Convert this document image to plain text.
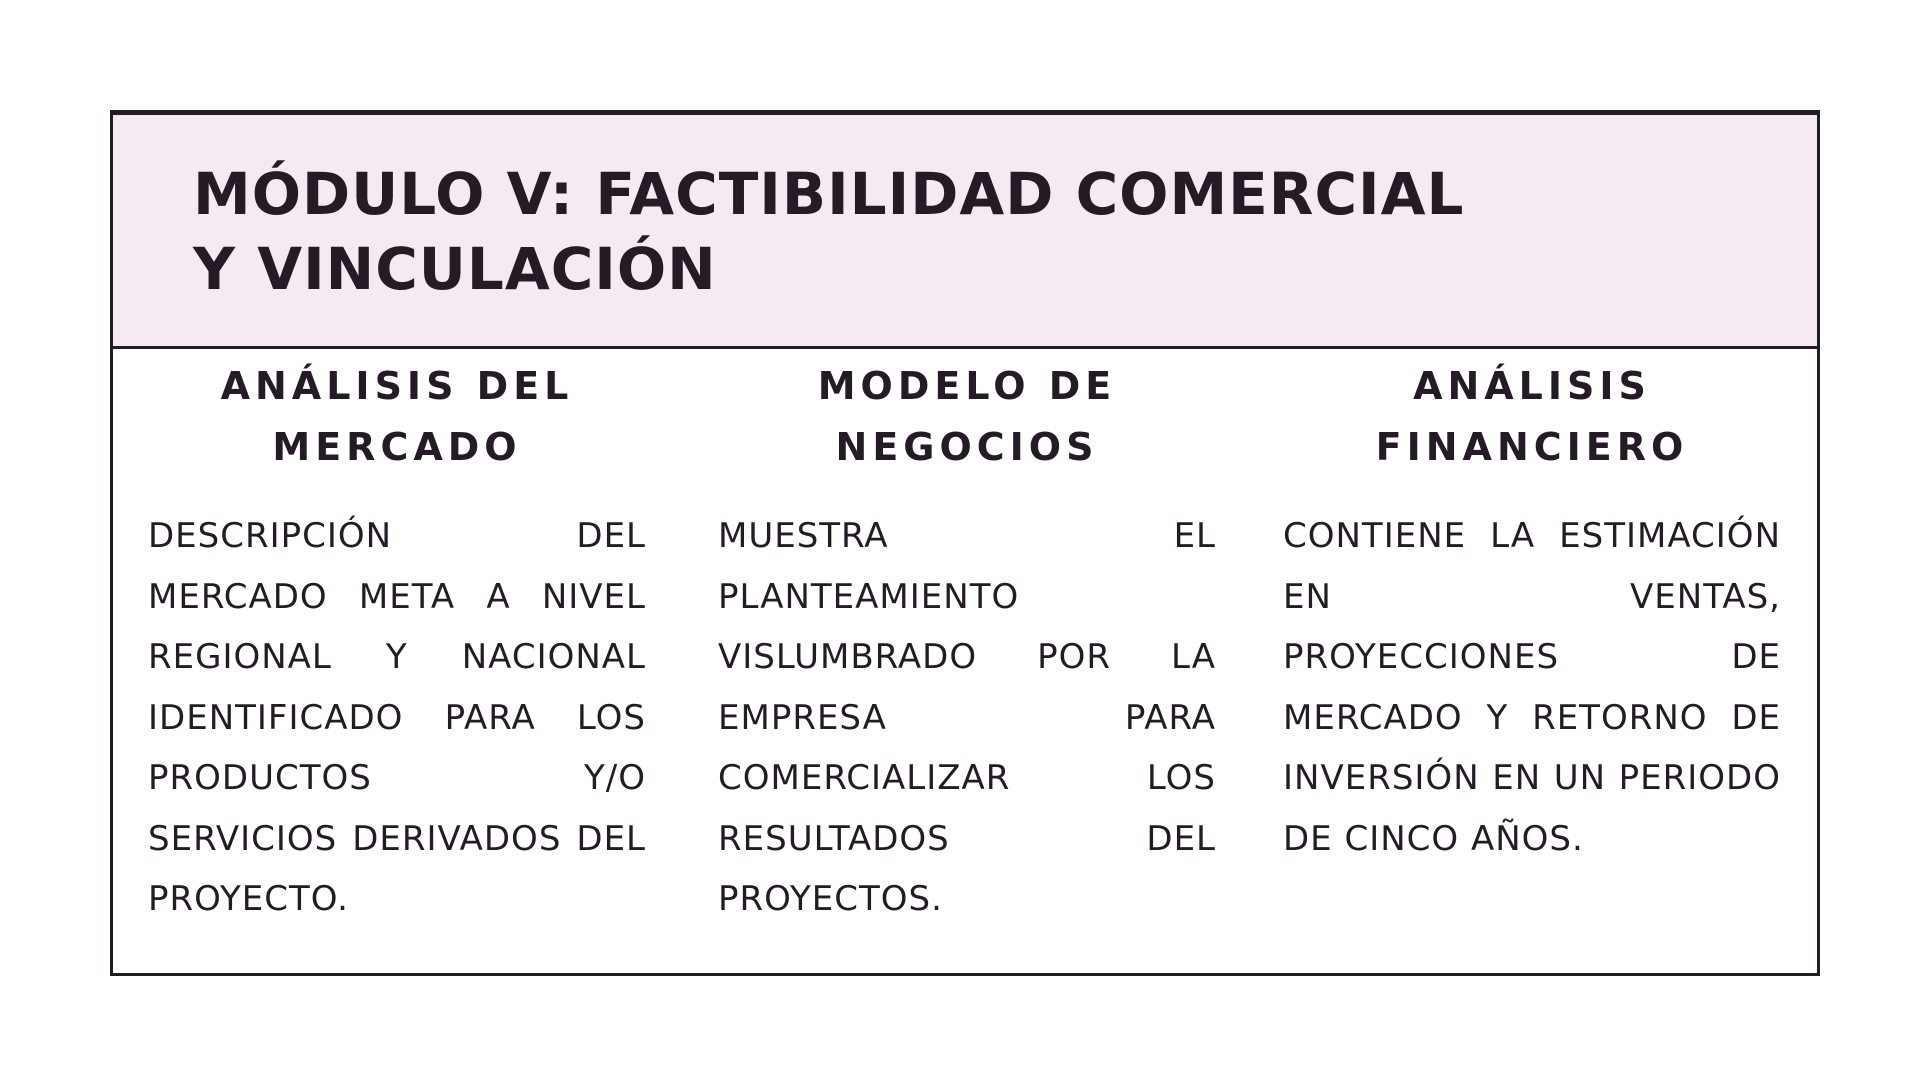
MÓDULO V: FACTIBILIDAD COMERCIAL Y VINCULACIÓN
ANÁLISIS DEL MERCADO

DESCRIPCIÓN DEL MERCADO META A NIVEL REGIONAL Y NACIONAL IDENTIFICADO PARA LOS PRODUCTOS Y/O SERVICIOS DERIVADOS DEL PROYECTO.

MODELO DE NEGOCIOS

MUESTRA EL PLANTEAMIENTO VISLUMBRADO POR LA EMPRESA PARA COMERCIALIZAR LOS RESULTADOS DEL PROYECTOS.

ANÁLISIS FINANCIERO

CONTIENE LA ESTIMACIÓN EN VENTAS, PROYECCIONES DE MERCADO Y RETORNO DE INVERSIÓN EN UN PERIODO DE CINCO AÑOS.
